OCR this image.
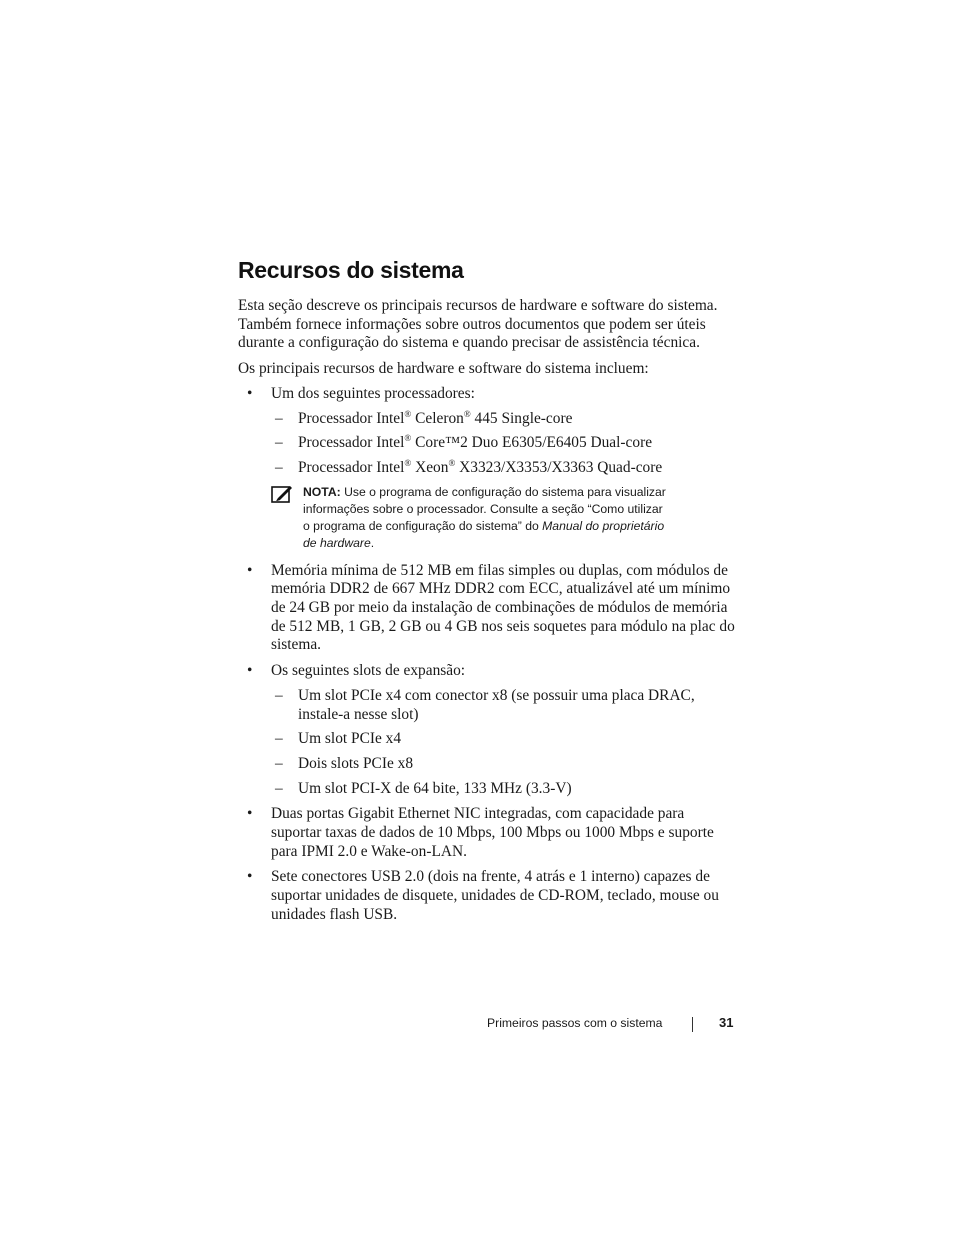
Recursos do sistema

Esta seção descreve os principais recursos de hardware e software do sistema. Também fornece informações sobre outros documentos que podem ser úteis durante a configuração do sistema e quando precisar de assistência técnica.

Os principais recursos de hardware e software do sistema incluem:

• Um dos seguintes processadores:
– Processador Intel® Celeron® 445 Single-core
– Processador Intel® Core™2 Duo E6305/E6405 Dual-core
– Processador Intel® Xeon® X3323/X3353/X3363 Quad-core
NOTA: Use o programa de configuração do sistema para visualizar
informações sobre o processador. Consulte a seção “Como utilizar
o programa de configuração do sistema” do Manual do proprietário
de hardware.
• Memória mínima de 512 MB em filas simples ou duplas, com módulos de memória DDR2 de 667 MHz DDR2 com ECC, atualizável até um mínimo de 24 GB por meio da instalação de combinações de módulos de memória de 512 MB, 1 GB, 2 GB ou 4 GB nos seis soquetes para módulo na plac do sistema.
• Os seguintes slots de expansão:
– Um slot PCIe x4 com conector x8 (se possuir uma placa DRAC, instale-a nesse slot)
– Um slot PCIe x4
– Dois slots PCIe x8
– Um slot PCI-X de 64 bite, 133 MHz (3.3-V)
• Duas portas Gigabit Ethernet NIC integradas, com capacidade para suportar taxas de dados de 10 Mbps, 100 Mbps ou 1000 Mbps e suporte para IPMI 2.0 e Wake-on-LAN.
• Sete conectores USB 2.0 (dois na frente, 4 atrás e 1 interno) capazes de suportar unidades de disquete, unidades de CD-ROM, teclado, mouse ou unidades flash USB.
Primeiros passos com o sistema	31
